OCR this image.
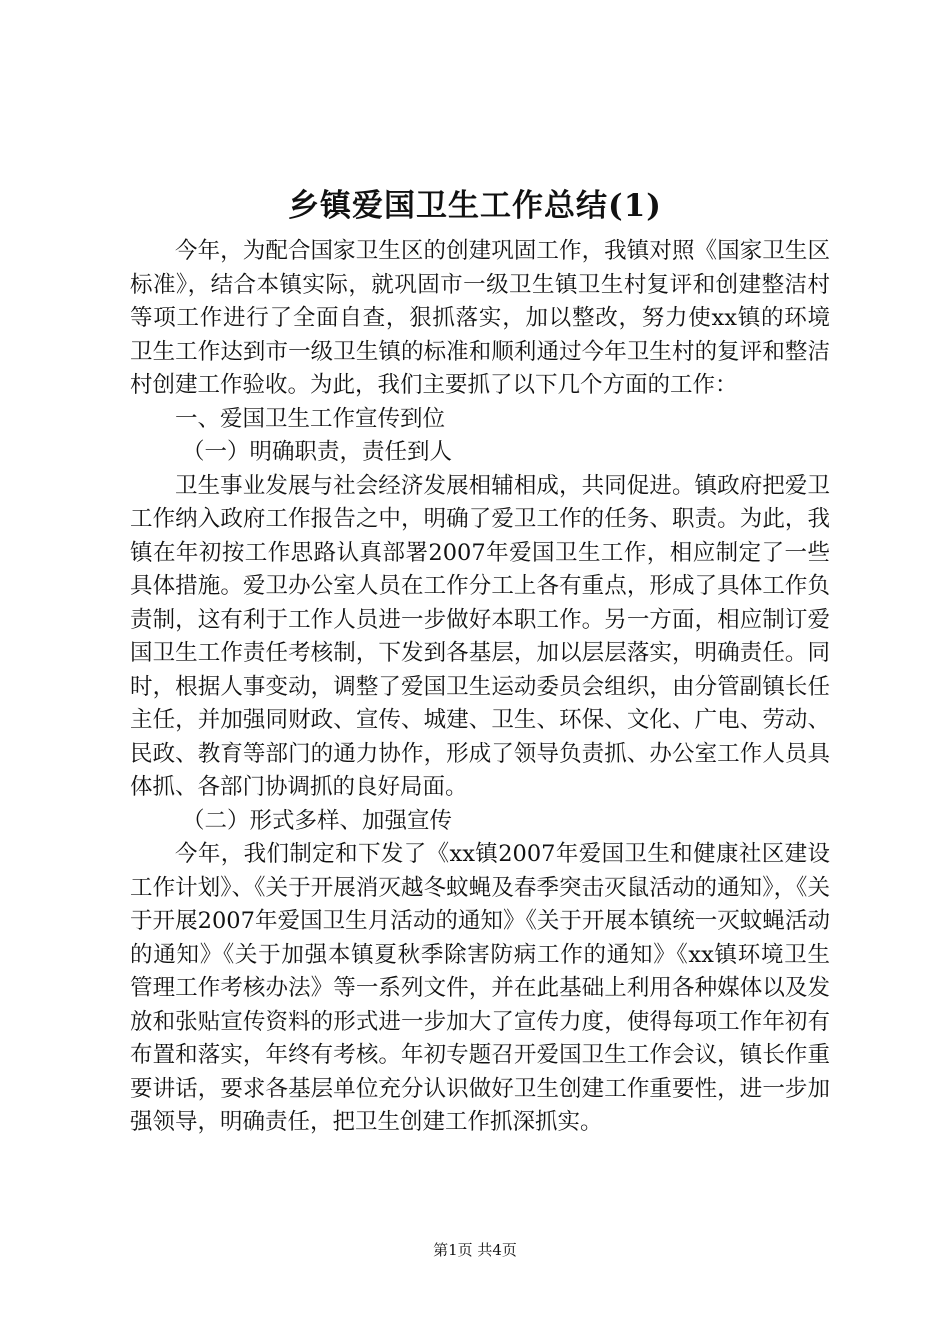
乡镇爱国卫生工作总结(1)

今年，为配合国家卫生区的创建巩固工作，我镇对照《国家卫生区标准》，结合本镇实际，就巩固市一级卫生镇卫生村复评和创建整洁村等项工作进行了全面自查，狠抓落实，加以整改，努力使xx镇的环境卫生工作达到市一级卫生镇的标准和顺利通过今年卫生村的复评和整洁村创建工作验收。为此，我们主要抓了以下几个方面的工作：

一、爱国卫生工作宣传到位

（一）明确职责，责任到人

卫生事业发展与社会经济发展相辅相成，共同促进。镇政府把爱卫工作纳入政府工作报告之中，明确了爱卫工作的任务、职责。为此，我镇在年初按工作思路认真部署2007年爱国卫生工作，相应制定了一些具体措施。爱卫办公室人员在工作分工上各有重点，形成了具体工作负责制，这有利于工作人员进一步做好本职工作。另一方面，相应制订爱国卫生工作责任考核制，下发到各基层，加以层层落实，明确责任。同时，根据人事变动，调整了爱国卫生运动委员会组织，由分管副镇长任主任，并加强同财政、宣传、城建、卫生、环保、文化、广电、劳动、民政、教育等部门的通力协作，形成了领导负责抓、办公室工作人员具体抓、各部门协调抓的良好局面。

（二）形式多样、加强宣传

今年，我们制定和下发了《xx镇2007年爱国卫生和健康社区建设工作计划》、《关于开展消灭越冬蚊蝇及春季突击灭鼠活动的通知》，《关于开展2007年爱国卫生月活动的通知》《关于开展本镇统一灭蚊蝇活动的通知》《关于加强本镇夏秋季除害防病工作的通知》《xx镇环境卫生管理工作考核办法》等一系列文件，并在此基础上利用各种媒体以及发放和张贴宣传资料的形式进一步加大了宣传力度，使得每项工作年初有布置和落实，年终有考核。年初专题召开爱国卫生工作会议，镇长作重要讲话，要求各基层单位充分认识做好卫生创建工作重要性，进一步加强领导，明确责任，把卫生创建工作抓深抓实。

第1页 共4页
